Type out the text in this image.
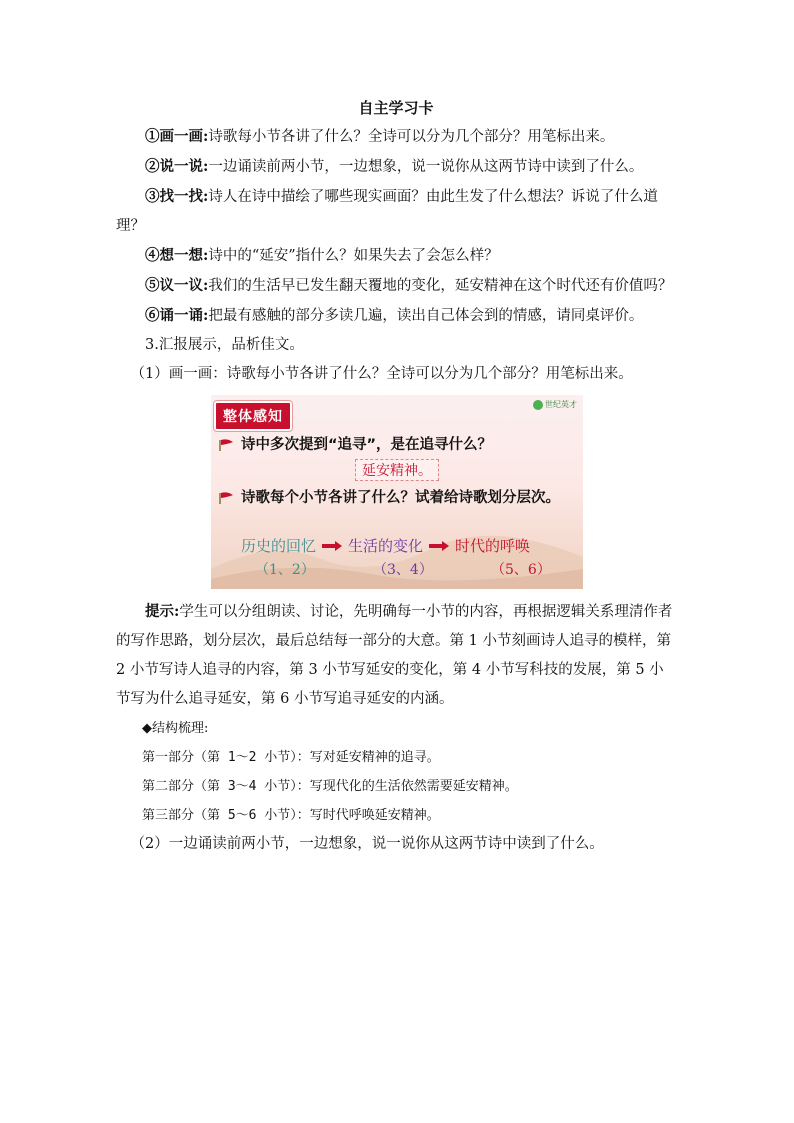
自主学习卡

①画一画:诗歌每小节各讲了什么？全诗可以分为几个部分？用笔标出来。

②说一说:一边诵读前两小节，一边想象，说一说你从这两节诗中读到了什么。

③找一找:诗人在诗中描绘了哪些现实画面？由此生发了什么想法？诉说了什么道理？

④想一想:诗中的“延安”指什么？如果失去了会怎么样？

⑤议一议:我们的生活早已发生翻天覆地的变化，延安精神在这个时代还有价值吗？

⑥诵一诵:把最有感触的部分多读几遍，读出自己体会到的情感，请同桌评价。

3.汇报展示，品析佳文。

（1）画一画：诗歌每小节各讲了什么？全诗可以分为几个部分？用笔标出来。

整体感知
世纪英才
诗中多次提到“追寻”，是在追寻什么？
延安精神。
诗歌每个小节各讲了什么？试着给诗歌划分层次。
历史的回忆 生活的变化 时代的呼唤
（1、2）	（3、4）	（5、6）

提示:学生可以分组朗读、讨论，先明确每一小节的内容，再根据逻辑关系理清作者的写作思路，划分层次，最后总结每一部分的大意。第 1 小节刻画诗人追寻的模样，第 2 小节写诗人追寻的内容，第 3 小节写延安的变化，第 4 小节写科技的发展，第 5 小节写为什么追寻延安，第 6 小节写追寻延安的内涵。

◆结构梳理:

第一部分（第 1～2 小节）：写对延安精神的追寻。

第二部分（第 3～4 小节）：写现代化的生活依然需要延安精神。

第三部分（第 5～6 小节）：写时代呼唤延安精神。

（2）一边诵读前两小节，一边想象，说一说你从这两节诗中读到了什么。
